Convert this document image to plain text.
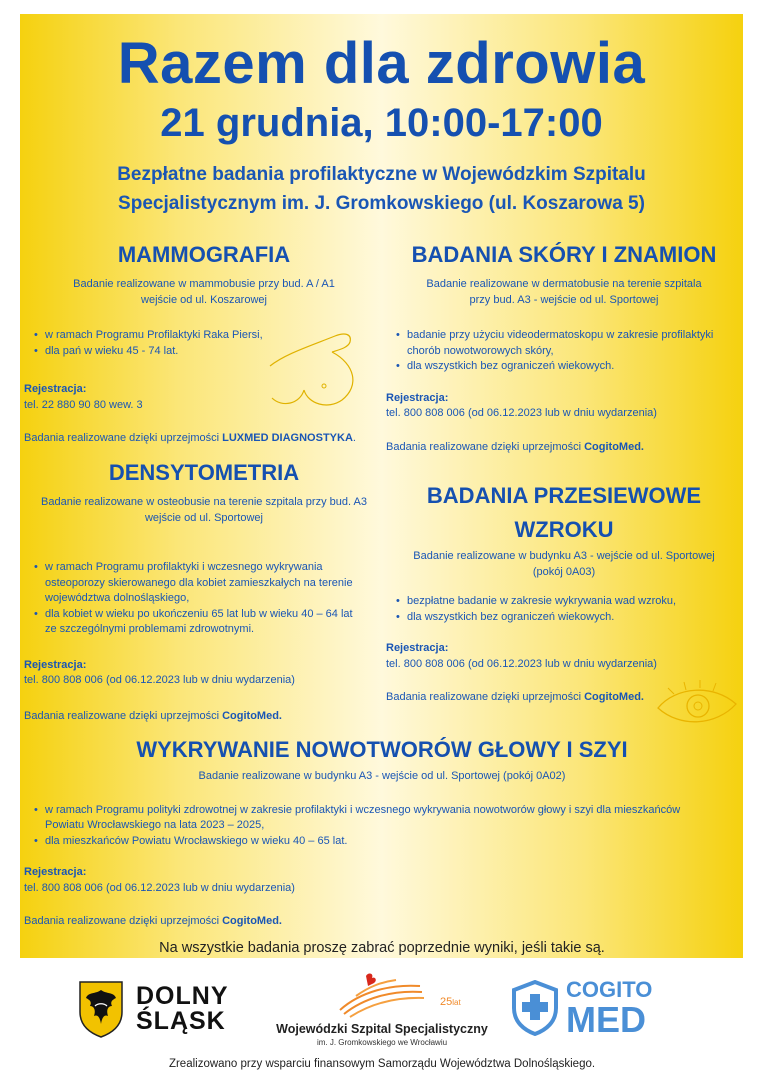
Razem dla zdrowia
21 grudnia, 10:00-17:00
Bezpłatne badania profilaktyczne w Wojewódzkim Szpitalu
Specjalistycznym im. J. Gromkowskiego (ul. Koszarowa 5)
MAMMOGRAFIA
Badanie realizowane w mammobusie przy bud. A / A1
wejście od ul. Koszarowej
• w ramach Programu Profilaktyki Raka Piersi,
• dla pań w wieku 45 - 74 lat.
Rejestracja:
tel. 22 880 90 80 wew. 3
Badania realizowane dzięki uprzejmości LUXMED DIAGNOSTYKA.
BADANIA SKÓRY I ZNAMION
Badanie realizowane w dermatobusie na terenie szpitala
przy bud. A3 - wejście od ul. Sportowej
• badanie przy użyciu videodermatoskopu w zakresie profilaktyki
chorób nowotworowych skóry,
• dla wszystkich bez ograniczeń wiekowych.
Rejestracja:
tel. 800 808 006 (od 06.12.2023 lub w dniu wydarzenia)
Badania realizowane dzięki uprzejmości CogitoMed.
DENSYTOMETRIA
Badanie realizowane w osteobusie na terenie szpitala przy bud. A3
wejście od ul. Sportowej
• w ramach Programu profilaktyki i wczesnego wykrywania
osteoporozy skierowanego dla kobiet zamieszkałych na terenie
województwa dolnośląskiego,
• dla kobiet w wieku po ukończeniu 65 lat lub w wieku 40 – 64 lat
ze szczególnymi problemami zdrowotnymi.
Rejestracja:
tel. 800 808 006 (od 06.12.2023 lub w dniu wydarzenia)
Badania realizowane dzięki uprzejmości CogitoMed.
BADANIA PRZESIEWOWE
WZROKU
Badanie realizowane w budynku A3 - wejście od ul. Sportowej
(pokój 0A03)
• bezpłatne badanie w zakresie wykrywania wad wzroku,
• dla wszystkich bez ograniczeń wiekowych.
Rejestracja:
tel. 800 808 006 (od 06.12.2023 lub w dniu wydarzenia)
Badania realizowane dzięki uprzejmości CogitoMed.
WYKRYWANIE NOWOTWORÓW GŁOWY I SZYI
Badanie realizowane w budynku A3 - wejście od ul. Sportowej (pokój 0A02)
• w ramach Programu polityki zdrowotnej w zakresie profilaktyki i wczesnego wykrywania nowotworów głowy i szyi dla mieszkańców
Powiatu Wrocławskiego na lata 2023 – 2025,
• dla mieszkańców Powiatu Wrocławskiego w wieku 40 – 65 lat.
Rejestracja:
tel. 800 808 006 (od 06.12.2023 lub w dniu wydarzenia)
Badania realizowane dzięki uprzejmości CogitoMed.
Na wszystkie badania proszę zabrać poprzednie wyniki, jeśli takie są.
DOLNY
ŚLĄSK
25lat
Wojewódzki Szpital Specjalistyczny
im. J. Gromkowskiego we Wrocławiu
COGITO
MED
Zrealizowano przy wsparciu finansowym Samorządu Województwa Dolnośląskiego.
